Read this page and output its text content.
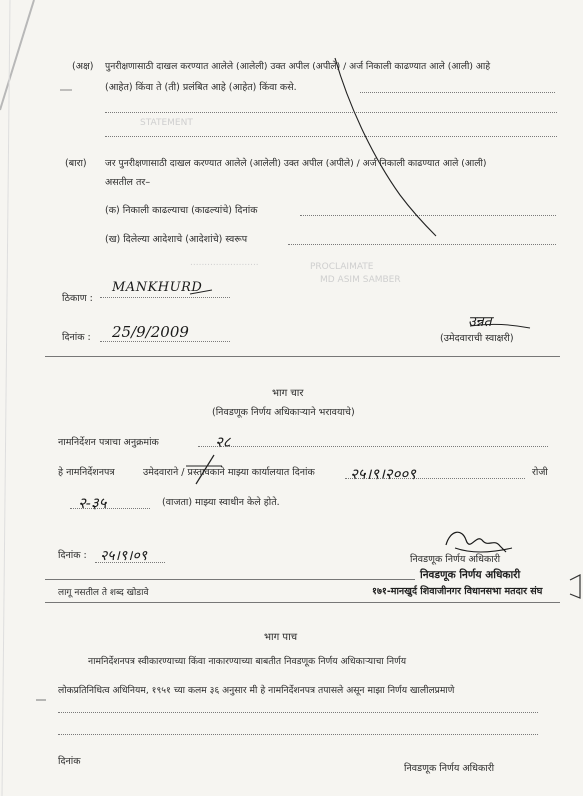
STATEMENT
........................	PROCLAIMATE
MD ASIM SAMBER
(अक्ष) पुनरीक्षणासाठी दाखल करण्यात आलेले (आलेली) उक्त अपील (अपीले) / अर्ज निकाली काढण्यात आले (आली) आहे
(आहेत) किंवा ते (ती) प्रलंबित आहे (आहेत) किंवा कसे.
(बारा) जर पुनरीक्षणासाठी दाखल करण्यात आलेले (आलेली) उक्त अपील (अपीले) / अर्ज निकाली काढण्यात आले (आली)
असतील तर–
(क) निकाली काढल्याचा (काढल्यांचे) दिनांक
(ख) दिलेल्या आदेशाचे (आदेशांचे) स्वरूप
ठिकाण :
MANKHURD
दिनांक : 25/9/2009
उन्नत
(उमेदवाराची स्वाक्षरी)
भाग चार
(निवडणूक निर्णय अधिकाऱ्याने भरावयाचे)
नामनिर्देशन पत्राचा अनुक्रमांक	२८
हे नामनिर्देशनपत्र	उमेदवाराने / प्रस्तावकाने माझ्या कार्यालयात दिनांक २५।९।२००९	रोजी
२-३५	(वाजता) माझ्या स्वाधीन केले होते.
दिनांक : २५।९।०९	निवडणूक निर्णय अधिकारी
निवडणूक निर्णय अधिकारी
१७१-मानखुर्द शिवाजीनगर विधानसभा मतदार संघ
लागू नसतील ते शब्द खोडावे
भाग पाच
नामनिर्देशनपत्र स्वीकारण्याच्या किंवा नाकारण्याच्या बाबतीत निवडणूक निर्णय अधिकाऱ्याचा निर्णय
लोकप्रतिनिधित्व अधिनियम, १९५१ च्या कलम ३६ अनुसार मी हे नामनिर्देशनपत्र तपासले असून माझा निर्णय खालीलप्रमाणे
दिनांक
निवडणूक निर्णय अधिकारी
